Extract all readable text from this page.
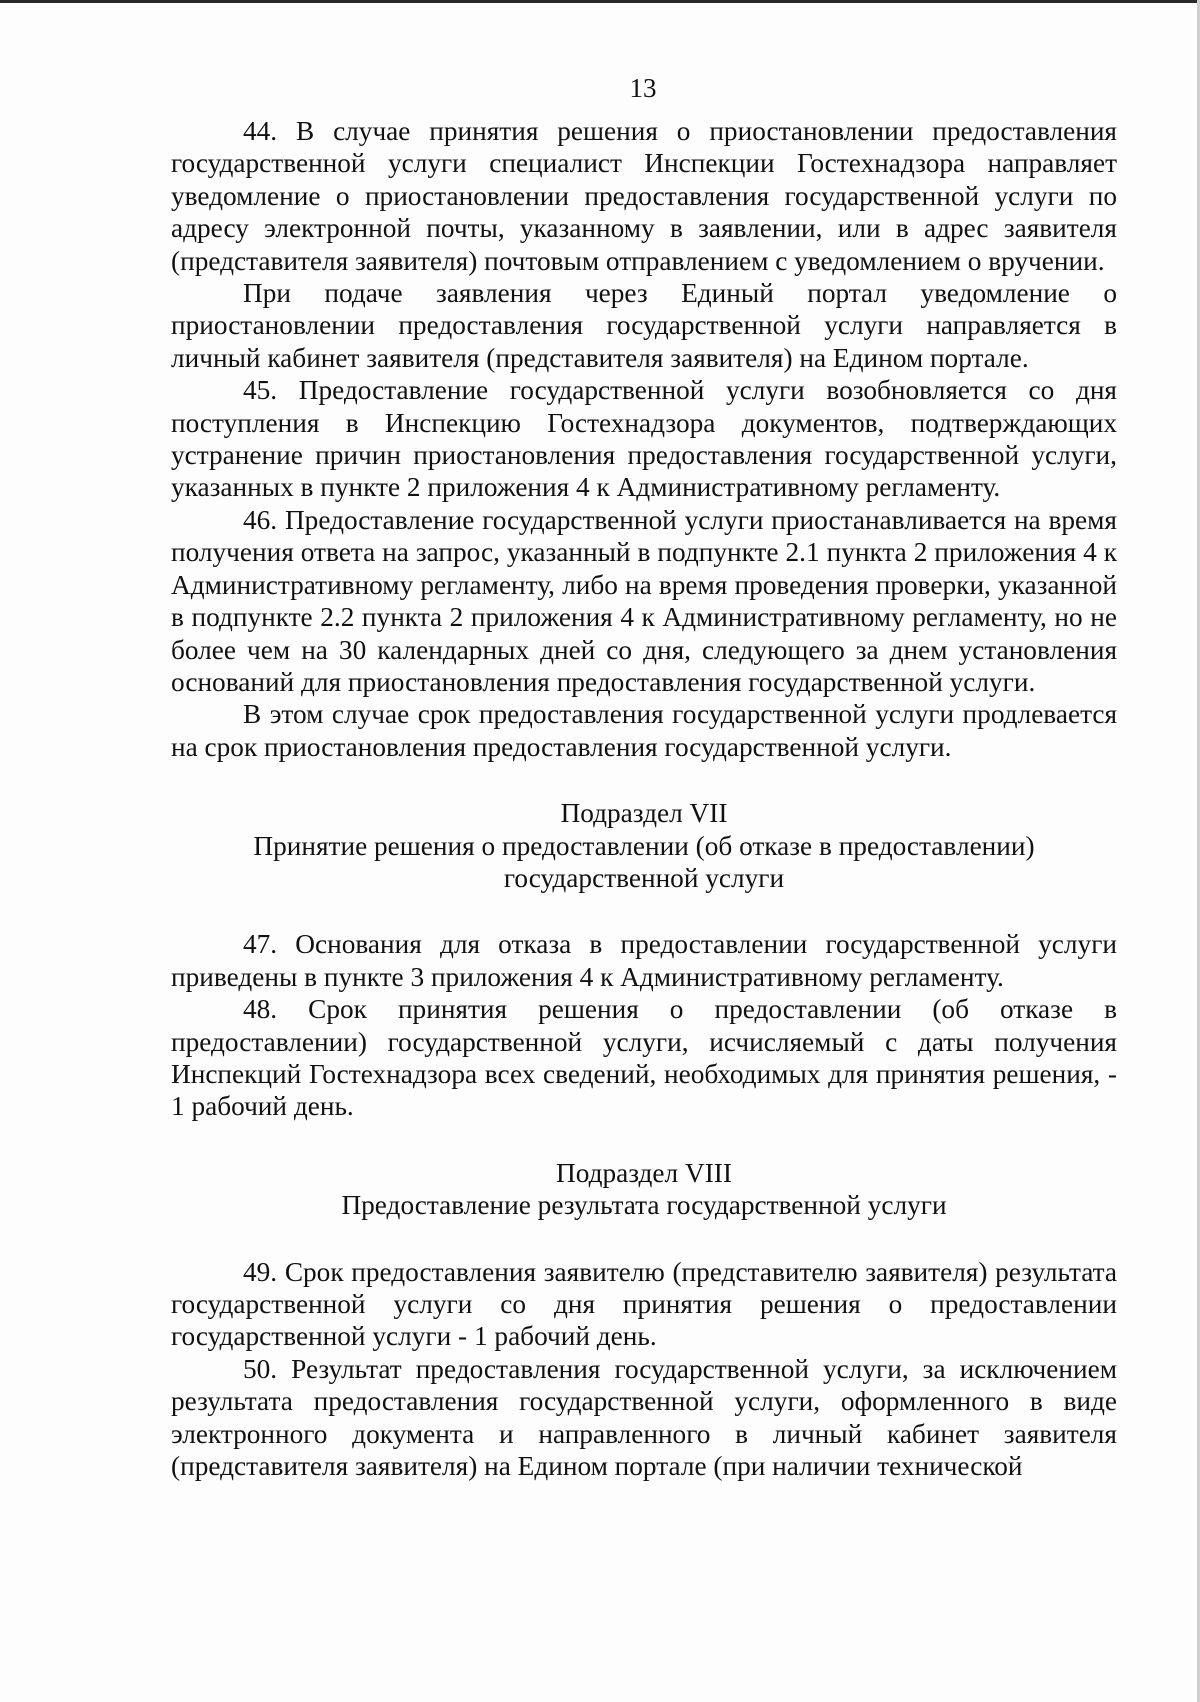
13

44. В случае принятия решения о приостановлении предоставления государственной услуги специалист Инспекции Гостехнадзора направляет уведомление о приостановлении предоставления государственной услуги по адресу электронной почты, указанному в заявлении, или в адрес заявителя (представителя заявителя) почтовым отправлением с уведомлением о вручении.

При подаче заявления через Единый портал уведомление о приостановлении предоставления государственной услуги направляется в личный кабинет заявителя (представителя заявителя) на Едином портале.

45. Предоставление государственной услуги возобновляется со дня поступления в Инспекцию Гостехнадзора документов, подтверждающих устранение причин приостановления предоставления государственной услуги, указанных в пункте 2 приложения 4 к Административному регламенту.

46. Предоставление государственной услуги приостанавливается на время получения ответа на запрос, указанный в подпункте 2.1 пункта 2 приложения 4 к Административному регламенту, либо на время проведения проверки, указанной в подпункте 2.2 пункта 2 приложения 4 к Административному регламенту, но не более чем на 30 календарных дней со дня, следующего за днем установления оснований для приостановления предоставления государственной услуги.

В этом случае срок предоставления государственной услуги продлевается на срок приостановления предоставления государственной услуги.

Подраздел VII

Принятие решения о предоставлении (об отказе в предоставлении)

государственной услуги

47. Основания для отказа в предоставлении государственной услуги приведены в пункте 3 приложения 4 к Административному регламенту.

48. Срок принятия решения о предоставлении (об отказе в предоставлении) государственной услуги, исчисляемый с даты получения Инспекций Гостехнадзора всех сведений, необходимых для принятия решения, - 1 рабочий день.

Подраздел VIII

Предоставление результата государственной услуги

49. Срок предоставления заявителю (представителю заявителя) результата государственной услуги со дня принятия решения о предоставлении государственной услуги - 1 рабочий день.

50. Результат предоставления государственной услуги, за исключением результата предоставления государственной услуги, оформленного в виде электронного документа и направленного в личный кабинет заявителя (представителя заявителя) на Едином портале (при наличии технической
